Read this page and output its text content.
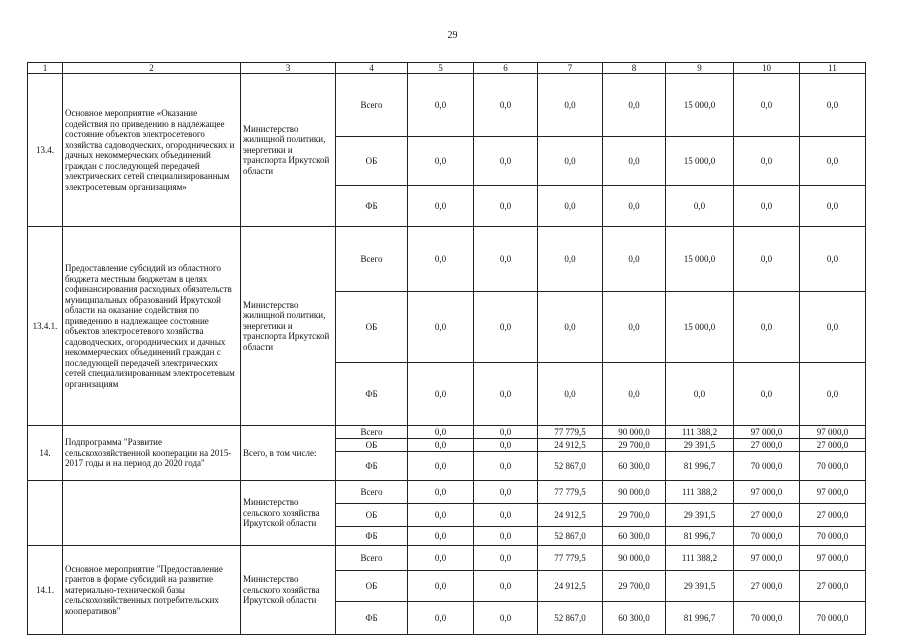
29
1	2	3	4	5	6	7	8	9	10	11
13.4.	Основное мероприятие «Оказание содействия по приведению в надлежащее состояние объектов электросетевого хозяйства садоводческих, огороднических и дачных некоммерческих объединений граждан с последующей передачей электрических сетей специализированным электросетевым организациям»	Министерство жилищной политики, энергетики и транспорта Иркутской области	Всего	0,0	0,0	0,0	0,0	15 000,0	0,0	0,0
			ОБ	0,0	0,0	0,0	0,0	15 000,0	0,0	0,0
			ФБ	0,0	0,0	0,0	0,0	0,0	0,0	0,0
13.4.1.	Предоставление субсидий из областного бюджета местным бюджетам в целях софинансирования расходных обязательств муниципальных образований Иркутской области на оказание содействия по приведению в надлежащее состояние объектов электросетевого хозяйства садоводческих, огороднических и дачных некоммерческих объединений граждан с последующей передачей электрических сетей специализированным электросетевым организациям	Министерство жилищной политики, энергетики и транспорта Иркутской области	Всего	0,0	0,0	0,0	0,0	15 000,0	0,0	0,0
			ОБ	0,0	0,0	0,0	0,0	15 000,0	0,0	0,0
			ФБ	0,0	0,0	0,0	0,0	0,0	0,0	0,0
14.	Подпрограмма "Развитие сельскохозяйственной кооперации на 2015-2017 годы и на период до 2020 года"	Всего, в том числе:	Всего	0,0	0,0	77 779,5	90 000,0	111 388,2	97 000,0	97 000,0
			ОБ	0,0	0,0	24 912,5	29 700,0	29 391,5	27 000,0	27 000,0
			ФБ	0,0	0,0	52 867,0	60 300,0	81 996,7	70 000,0	70 000,0
		Министерство сельского хозяйства Иркутской области	Всего	0,0	0,0	77 779,5	90 000,0	111 388,2	97 000,0	97 000,0
			ОБ	0,0	0,0	24 912,5	29 700,0	29 391,5	27 000,0	27 000,0
			ФБ	0,0	0,0	52 867,0	60 300,0	81 996,7	70 000,0	70 000,0
14.1.	Основное мероприятие "Предоставление грантов в форме субсидий на развитие материально-технической базы сельскохозяйственных потребительских кооперативов"	Министерство сельского хозяйства Иркутской области	Всего	0,0	0,0	77 779,5	90 000,0	111 388,2	97 000,0	97 000,0
			ОБ	0,0	0,0	24 912,5	29 700,0	29 391,5	27 000,0	27 000,0
			ФБ	0,0	0,0	52 867,0	60 300,0	81 996,7	70 000,0	70 000,0
